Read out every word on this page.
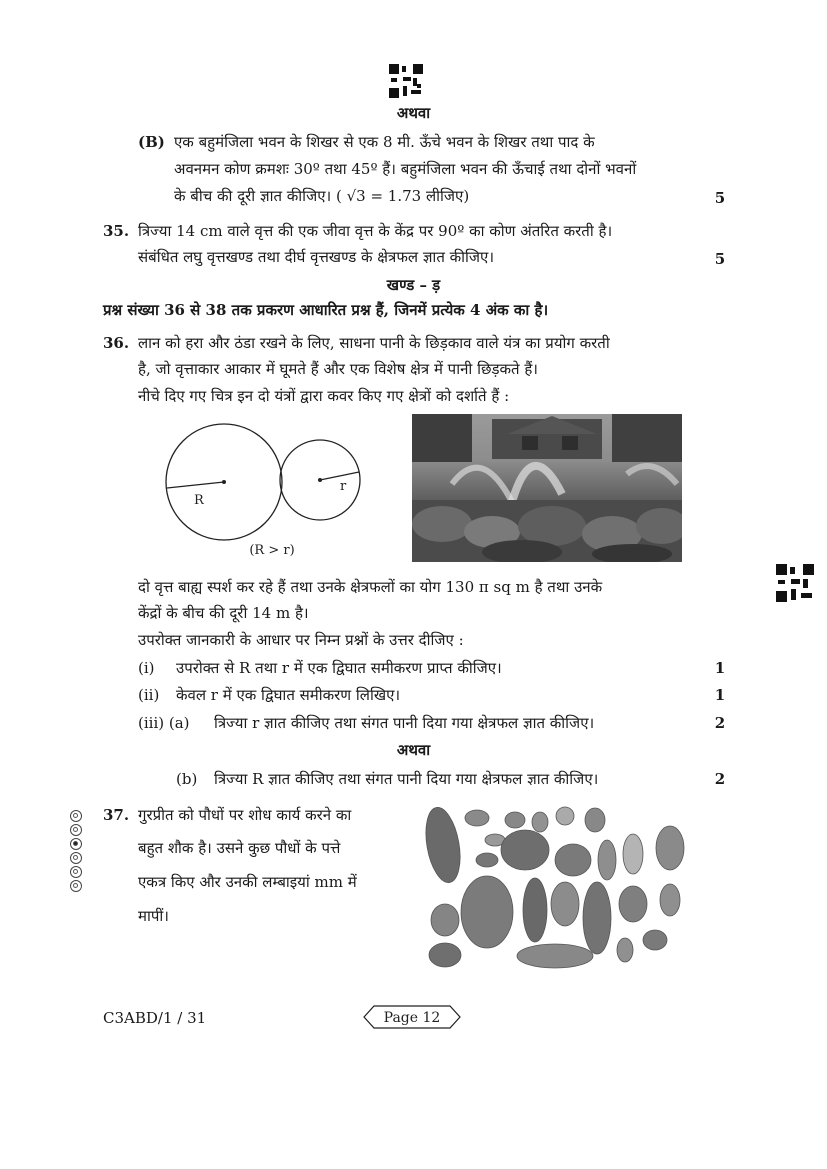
अथवा
(B) एक बहुमंजिला भवन के शिखर से एक 8 मी. ऊँचे भवन के शिखर तथा पाद के
अवनमन कोण क्रमशः 30º तथा 45º हैं। बहुमंजिला भवन की ऊँचाई तथा दोनों भवनों
के बीच की दूरी ज्ञात कीजिए। ( √3 = 1.73 लीजिए)	5
35. त्रिज्या 14 cm वाले वृत्त की एक जीवा वृत्त के केंद्र पर 90º का कोण अंतरित करती है।
संबंधित लघु वृत्तखण्ड तथा दीर्घ वृत्तखण्ड के क्षेत्रफल ज्ञात कीजिए।	5
खण्ड – ड़
प्रश्न संख्या 36 से 38 तक प्रकरण आधारित प्रश्न हैं, जिनमें प्रत्येक 4 अंक का है।
36. लान को हरा और ठंडा रखने के लिए, साधना पानी के छिड़काव वाले यंत्र का प्रयोग करती
है, जो वृत्ताकार आकार में घूमते हैं और एक विशेष क्षेत्र में पानी छिड़कते हैं।
नीचे दिए गए चित्र इन दो यंत्रों द्वारा कवर किए गए क्षेत्रों को दर्शाते हैं :
R
r
(R > r)
दो वृत्त बाह्य स्पर्श कर रहे हैं तथा उनके क्षेत्रफलों का योग 130 π sq m है तथा उनके
केंद्रों के बीच की दूरी 14 m है।
उपरोक्त जानकारी के आधार पर निम्न प्रश्नों के उत्तर दीजिए :
(i) उपरोक्त से R तथा r में एक द्विघात समीकरण प्राप्त कीजिए।	1
(ii) केवल r में एक द्विघात समीकरण लिखिए।	1
(iii) (a) त्रिज्या r ज्ञात कीजिए तथा संगत पानी दिया गया क्षेत्रफल ज्ञात कीजिए।	2
अथवा
(b) त्रिज्या R ज्ञात कीजिए तथा संगत पानी दिया गया क्षेत्रफल ज्ञात कीजिए।	2
37. गुरप्रीत को पौधों पर शोध कार्य करने का
बहुत शौक है। उसने कुछ पौधों के पत्ते
एकत्र किए और उनकी लम्बाइयां mm में
मापीं।
C3ABD/1 / 31	Page 12
